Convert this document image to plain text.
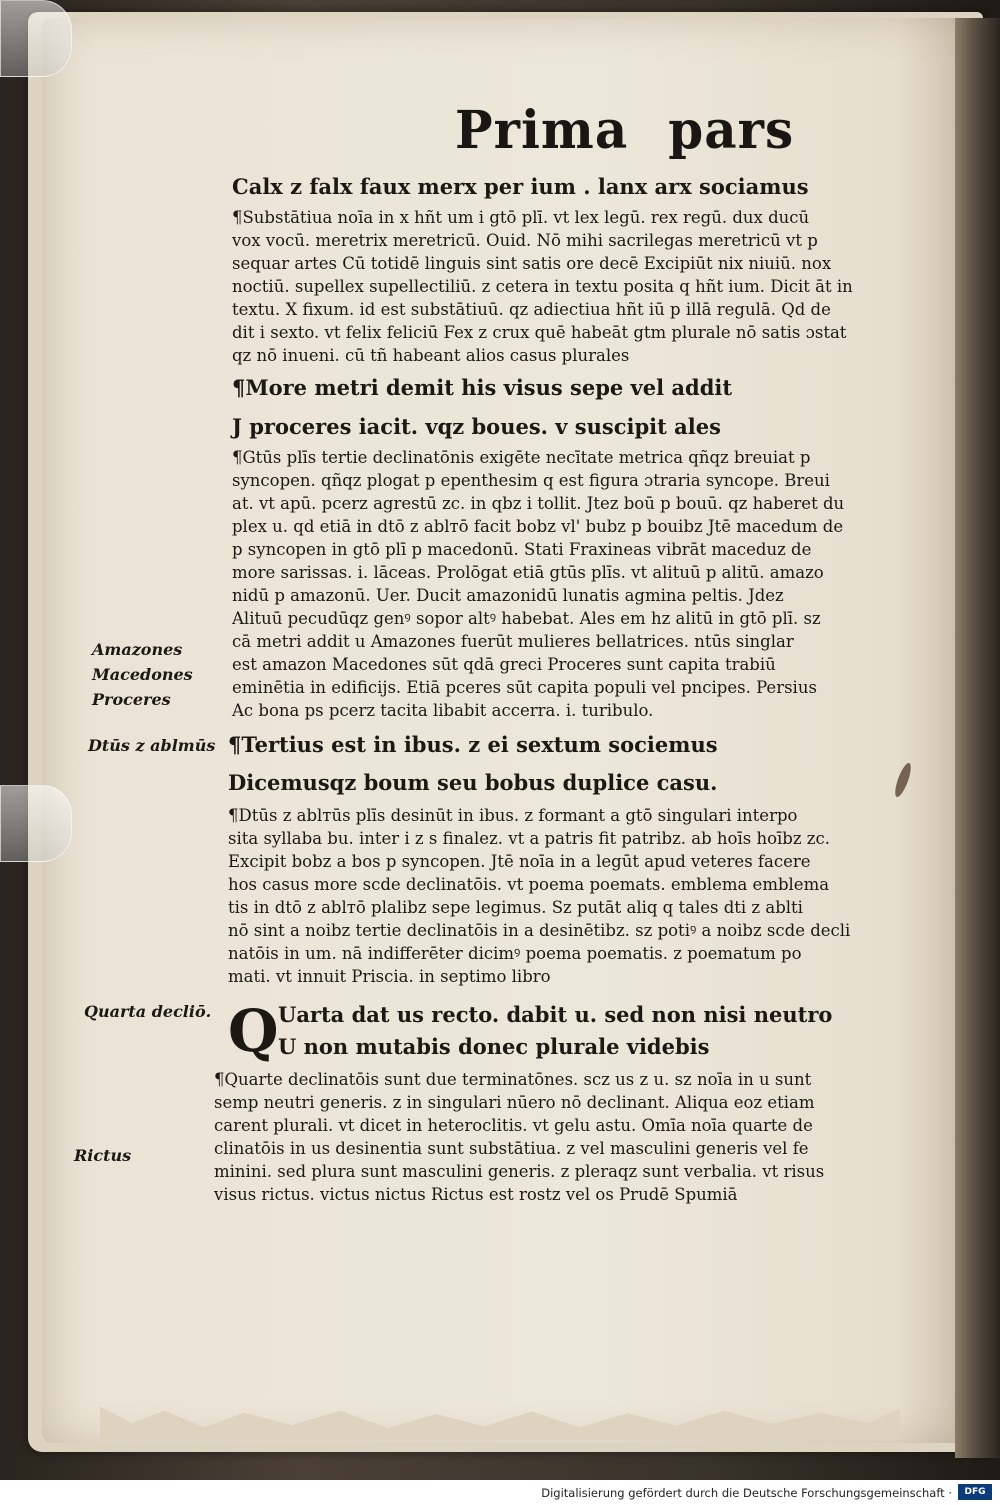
Prima pars
Calx z falx faux merx per ium . lanx arx sociamus
¶Substātiua noīa in x hñt um i gtō plī. vt lex legū. rex regū. dux ducū
vox vocū. meretrix meretricū. Ouid. Nō mihi sacrilegas meretricū vt p
sequar artes Cū totidē linguis sint satis ore decē Excipiūt nix niuiū. nox
noctiū. supellex supellectiliū. z cetera in textu posita q hñt ium. Dicit āt in
textu. X fixum. id est substātiuū. qz adiectiua hñt iū p illā regulā. Qd de
dit i sexto. vt felix feliciū Fex z crux quē habeāt gtm plurale nō satis ɔstat
qz nō inueni. cū tñ habeant alios casus plurales
¶More metri demit his visus sepe vel addit
J proceres iacit. vqz boues. v suscipit ales
¶Gtūs plīs tertie declinatōnis exigēte necītate metrica qñqz breuiat p
syncopen. qñqz plogat p epenthesim q est figura ɔtraria syncope. Breui
at. vt apū. pcerz agrestū zc. in qbz i tollit. Jtez boū p bouū. qz haberet du
plex u. qd etiā in dtō z ablтō facit bobz vl' bubz p bouibz Jtē macedum de
p syncopen in gtō plī p macedonū. Stati Fraxineas vibrāt maceduz de
more sarissas. i. lāceas. Prolōgat etiā gtūs plīs. vt alituū p alitū. amazo
nidū p amazonū. Uer. Ducit amazonidū lunatis agmina peltis. Jdez
Alituū pecudūqz genꝰ sopor altꝰ habebat. Ales em hz alitū in gtō plī. sz
cā metri addit u Amazones fuerūt mulieres bellatrices. ntūs singlar
est amazon Macedones sūt qdā greci Proceres sunt capita trabiū
eminētia in edificijs. Etiā pceres sūt capita populi vel pncipes. Persius
Ac bona ps pcerz tacita libabit accerra. i. turibulo.
Amazones
Macedones
Proceres
Dtūs z ablтūs ¶Tertius est in ibus. z ei sextum sociemus
Dicemusqz boum seu bobus duplice casu.
¶Dtūs z ablтūs plīs desinūt in ibus. z formant a gtō singulari interpo
sita syllaba bu. inter i z s finalez. vt a patris fit patribz. ab hoīs hoībz zc.
Excipit bobz a bos p syncopen. Jtē noīa in a legūt apud veteres facere
hos casus more scde declinatōis. vt poema poemats. emblema emblema
tis in dtō z ablтō plalibz sepe legimus. Sz putāt aliq q tales dti z ablti
nō sint a noibz tertie declinatōis in a desinētibz. sz potiꝰ a noibz scde decli
natōis in um. nā indifferēter dicimꝰ poema poematis. z poematum po
mati. vt innuit Priscia. in septimo libro
Quarta decliō. Q Uarta dat us recto. dabit u. sed non nisi neutro
U non mutabis donec plurale videbis
¶Quarte declinatōis sunt due terminatōnes. scz us z u. sz noīa in u sunt
semp neutri generis. z in singulari nūero nō declinant. Aliqua eoz etiam
carent plurali. vt dicet in heteroclitis. vt gelu astu. Omīa noīa quarte de
clinatōis in us desinentia sunt substātiua. z vel masculini generis vel fe
minini. sed plura sunt masculini generis. z pleraqz sunt verbalia. vt risus
visus rictus. victus nictus Rictus est rostz vel os Prudē Spumiā
Rictus
Digitalisierung gefördert durch die Deutsche Forschungsgemeinschaft ·	DFG
